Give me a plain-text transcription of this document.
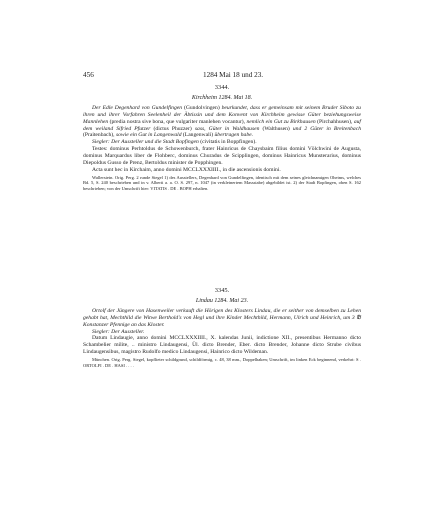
456	1284 Mai 18 und 23.
3344.
Kirchheim 1284. Mai 18.

Der Edle Degenhard von Gundelfingen (Gundolvingen) beurkundet, dass er gemeinsam mit seinem Bruder Siboto zu ihren und ihrer Vorfahren Seelenheil der Äbtissin und dem Konvent von Kirchheim gewisse Güter beziehungsweise Mannlehen (predia nostra sive bona, que vulgariter manlehen vocantur), nemlich ein Gut zu Birkhausen (Pirchahhusen), auf dem weiland Sifried Pfutzer (dictus Phuzzer) sass, Güter in Waldhausen (Walthusen) und 2 Güter in Breitenbach (Praitenbach), sowie ein Gut in Langenwald (Langenwali) übertragen habe.

Siegler: Der Aussteller und die Stadt Bopfingen (civitatis in Boppfingen).

Testes: dominus Perhtoldus de Schowenburch, frater Hainricus de Chaysbaim filius domini Völchwini de Augusta, dominus Marquardus liber de Flohberc, dominus Churadus de Scipplingen, dominus Hainricus Munsterarius, dominus Diepoldus Gusso de Prenz, Bertoldus minister de Popphingen.

Acta sunt hec in Kirchaim, anno domini MCCLXXXIIII., in die ascensionis domini.

Wallerstein. Orig. Perg. 2 runde Siegel 1) des Ausstellers, Degenhard von Gundelfingen, identisch mit dem seines gleichnamigen Oheims, welches Bd. 5, S. 240 beschrieben und in v. Alberti a. a. O. S. 297, n. 1047 (in verkleinertem Massstabe) abgebildet ist. 2) der Stadt Bopfingen, oben S. 162 beschrieben; von der Umschrift hier: VITATIS . DE . BOPH erhalten.

3345.
Lindau 1284. Mai 23.

Ortolf der Jüngere von Hasenweiler verkauft die Hörigen des Klosters Lindau, die er seither von demselben zu Lehen gehabt hat, Mechthild die Witwe Berthold's von Hegl und ihre Kinder Mechthild, Hermann, Ulrich und Heinrich, um 3 ℔ Konstanzer Pfennige an das Kloster.

Siegler: Der Aussteller.

Datum Lindaugie, anno domini MCCLXXXIIII., X. kalendas Junii, indictione XII., presentibus Hermanno dicto Schambelier milite, .. ministro Lindaugensi, Ül. dicto Brender, Eber. dicto Brender, Johanne dicto Strube civibus Lindaugensibus, magistro Rudolfo medico Lindaugensi, Hainrico dicto Wildeman.

München. Orig. Perg. Siegel, kopflieter schildgrund, schildförmig, c. 48, 38 mm., Doppelhaken; Umschrift, im linken Eck beginnend, verkehrt: S . ORTOLFI . DE . HASI . . . .
